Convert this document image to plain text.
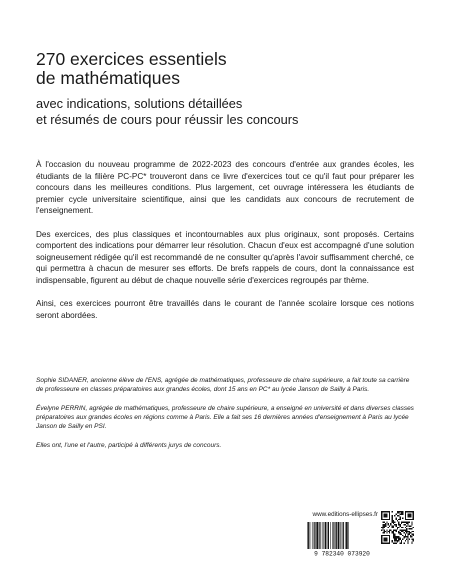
270 exercices essentiels
de mathématiques
avec indications, solutions détaillées
et résumés de cours pour réussir les concours

À l'occasion du nouveau programme de 2022-2023 des concours d'entrée aux grandes écoles, les étudiants de la filière PC-PC* trouveront dans ce livre d'exercices tout ce qu'il faut pour préparer les concours dans les meilleures conditions. Plus largement, cet ouvrage intéressera les étudiants de premier cycle universitaire scientifique, ainsi que les candidats aux concours de recrutement de l'enseignement.

Des exercices, des plus classiques et incontournables aux plus originaux, sont proposés. Certains comportent des indications pour démarrer leur résolution. Chacun d'eux est accompagné d'une solution soigneusement rédigée qu'il est recommandé de ne consulter qu'après l'avoir suffisamment cherché, ce qui permettra à chacun de mesurer ses efforts. De brefs rappels de cours, dont la connaissance est indispensable, figurent au début de chaque nouvelle série d'exercices regroupés par thème.

Ainsi, ces exercices pourront être travaillés dans le courant de l'année scolaire lorsque ces notions seront abordées.

Sophie SIDANER, ancienne élève de l'ENS, agrégée de mathématiques, professeure de chaire supérieure, a fait toute sa carrière de professeure en classes préparatoires aux grandes écoles, dont 15 ans en PC* au lycée Janson de Sailly à Paris.

Évelyne PERRIN, agrégée de mathématiques, professeure de chaire supérieure, a enseigné en université et dans diverses classes préparatoires aux grandes écoles en régions comme à Paris. Elle a fait ses 16 dernières années d'enseignement à Paris au lycée Janson de Sailly en PSI.

Elles ont, l'une et l'autre, participé à différents jurys de concours.

www.editions-ellipses.fr
9 782340 073920
